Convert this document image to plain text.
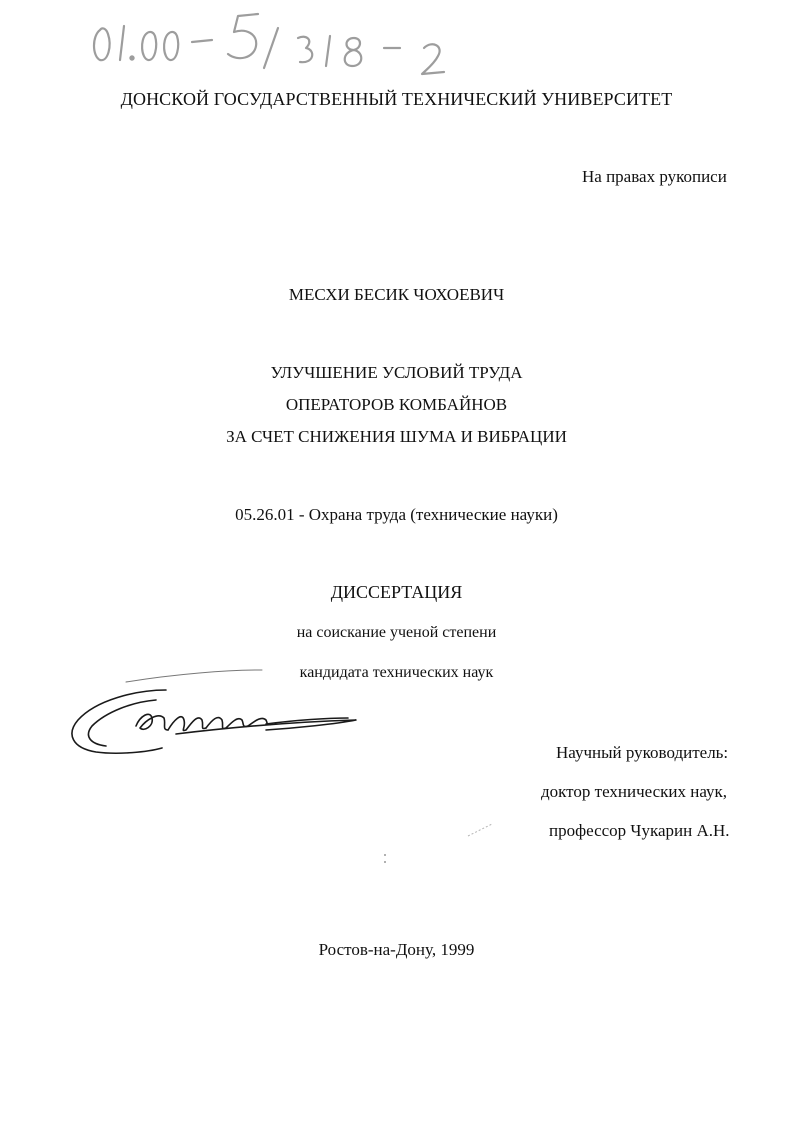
ДОНСКОЙ ГОСУДАРСТВЕННЫЙ ТЕХНИЧЕСКИЙ УНИВЕРСИТЕТ
На правах рукописи
МЕСХИ БЕСИК ЧОХОЕВИЧ
УЛУЧШЕНИЕ УСЛОВИЙ ТРУДА
ОПЕРАТОРОВ КОМБАЙНОВ
ЗА СЧЕТ СНИЖЕНИЯ ШУМА И ВИБРАЦИИ
05.26.01 - Охрана труда (технические науки)
ДИССЕРТАЦИЯ
на соискание ученой степени
кандидата технических наук
Научный руководитель:
доктор технических наук,
профессор Чукарин А.Н.
Ростов-на-Дону, 1999
